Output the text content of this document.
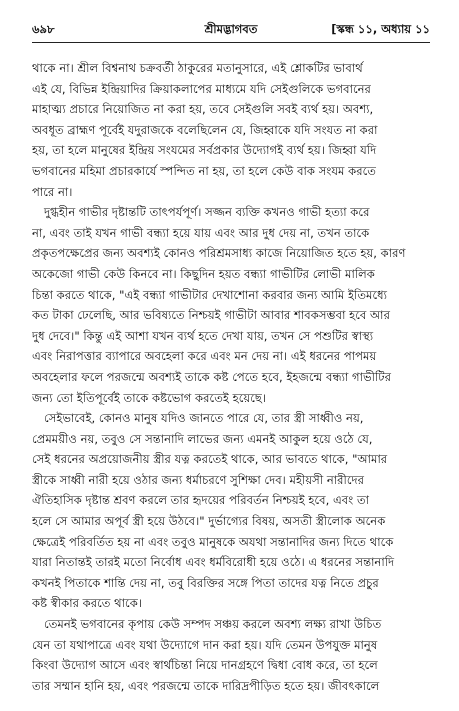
৬৯৮	শ্রীমদ্ভাগবত	[স্কন্ধ ১১, অধ্যায় ১১
থাকে না। শ্রীল বিশ্বনাথ চক্রবর্তী ঠাকুরের মতানুসারে, এই শ্লোকটির ভাবার্থ
এই যে, বিভিন্ন ইন্দ্রিয়াদির ক্রিয়াকলাপের মাধ্যমে যদি সেইগুলিকে ভগবানের
মাহাত্ম্য প্রচারে নিয়োজিত না করা হয়, তবে সেইগুলি সবই ব্যর্থ হয়। অবশ্য,
অবধূত ব্রাহ্মণ পূর্বেই যদুরাজকে বলেছিলেন যে, জিহ্বাকে যদি সংযত না করা
হয়, তা হলে মানুষের ইন্দ্রিয় সংযমের সর্বপ্রকার উদ্যোগই ব্যর্থ হয়। জিহ্বা যদি
ভগবানের মহিমা প্রচারকার্যে স্পন্দিত না হয়, তা হলে কেউ বাক সংযম করতে
পারে না।
দুগ্ধহীন গাভীর দৃষ্টান্তটি তাৎপর্যপূর্ণ। সজ্জন ব্যক্তি কখনও গাভী হত্যা করে
না, এবং তাই যখন গাভী বন্ধ্যা হয়ে যায় এবং আর দুধ দেয় না, তখন তাকে
প্রকৃতপক্ষেপ্রের জন্য অবশ্যই কোনও পরিশ্রমসাধ্য কাজে নিয়োজিত হতে হয়, কারণ
অকেজো গাভী কেউ কিনবে না। কিছুদিন হয়ত বন্ধ্যা গাভীটির লোভী মালিক
চিন্তা করতে থাকে, "এই বন্ধ্যা গাভীটার দেখাশোনা করবার জন্য আমি ইতিমধ্যে
কত টাকা ঢেলেছি, আর ভবিষ্যতে নিশ্চয়ই গাভীটা আবার শাবকসম্ভবা হবে আর
দুধ দেবে।" কিন্তু এই আশা যখন ব্যর্থ হতে দেখা যায়, তখন সে পশুটির স্বাস্থ্য
এবং নিরাপত্তার ব্যাপারে অবহেলা করে এবং মন দেয় না। এই ধরনের পাপময়
অবহেলার ফলে পরজন্মে অবশ্যই তাকে কষ্ট পেতে হবে, ইহজন্মে বন্ধ্যা গাভীটির
জন্য তো ইতিপূর্বেই তাকে কষ্টভোগ করতেই হয়েছে।
সেইভাবেই, কোনও মানুষ যদিও জানতে পারে যে, তার স্ত্রী সাধ্বীও নয়,
প্রেমময়ীও নয়, তবুও সে সন্তানাদি লাভের জন্য এমনই আকুল হয়ে ওঠে যে,
সেই ধরনের অপ্রয়োজনীয় স্ত্রীর যত্ন করতেই থাকে, আর ভাবতে থাকে, "আমার
স্ত্রীকে সাধ্বী নারী হয়ে ওঠার জন্য ধর্মাচরণে সুশিক্ষা দেব। মহীয়সী নারীদের
ঐতিহাসিক দৃষ্টান্ত শ্রবণ করলে তার হৃদয়ের পরিবর্তন নিশ্চয়ই হবে, এবং তা
হলে সে আমার অপূর্ব স্ত্রী হয়ে উঠবে।" দুর্ভাগ্যের বিষয়, অসতী স্ত্রীলোক অনেক
ক্ষেত্রেই পরিবর্তিত হয় না এবং তবুও মানুষকে অযথা সন্তানাদির জন্য দিতে থাকে
যারা নিতান্তই তারই মতো নির্বোধ এবং ধর্মবিরোধী হয়ে ওঠে। এ ধরনের সন্তানাদি
কখনই পিতাকে শান্তি দেয় না, তবু বিরক্তির সঙ্গে পিতা তাদের যত্ন নিতে প্রচুর
কষ্ট স্বীকার করতে থাকে।
তেমনই ভগবানের কৃপায় কেউ সম্পদ সঞ্চয় করলে অবশ্য লক্ষ্য রাখা উচিত
যেন তা যথাপাত্রে এবং যথা উদ্যোগে দান করা হয়। যদি তেমন উপযুক্ত মানুষ
কিংবা উদ্যোগ আসে এবং স্বার্থচিন্তা নিয়ে দানগ্রহণে দ্বিধা বোধ করে, তা হলে
তার সম্মান হানি হয়, এবং পরজন্মে তাকে দারিদ্রপীড়িত হতে হয়। জীবৎকালে
